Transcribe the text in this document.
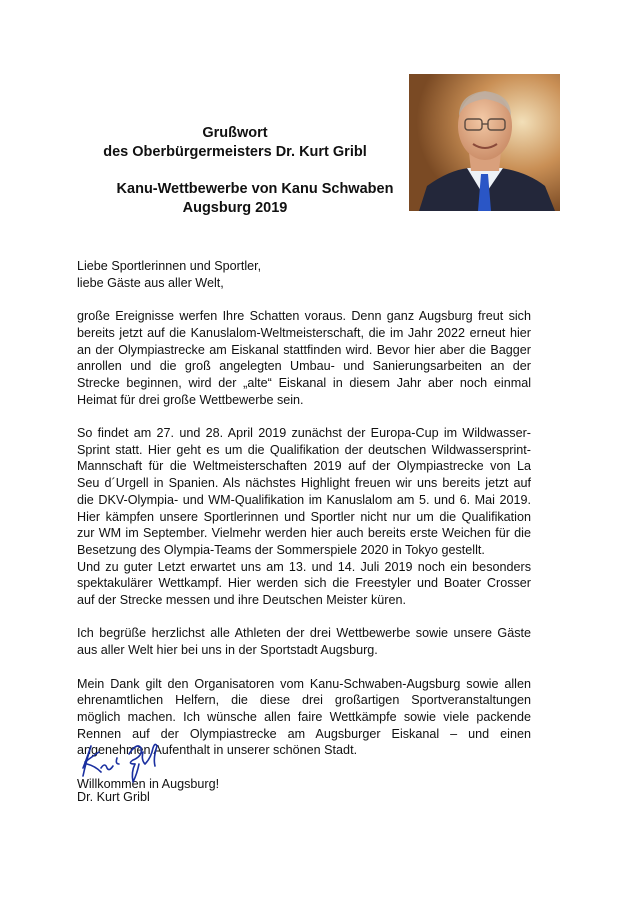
Grußwort
des Oberbürgermeisters Dr. Kurt Gribl
Kanu-Wettbewerbe von Kanu Schwaben
Augsburg 2019
Liebe Sportlerinnen und Sportler,
liebe Gäste aus aller Welt,
große Ereignisse werfen Ihre Schatten voraus. Denn ganz Augsburg freut sich
bereits jetzt auf die Kanuslalom-Weltmeisterschaft, die im Jahr 2022 erneut hier
an der Olympiastrecke am Eiskanal stattfinden wird. Bevor hier aber die Bagger
anrollen und die groß angelegten Umbau- und Sanierungsarbeiten an der
Strecke beginnen, wird der „alte“ Eiskanal in diesem Jahr aber noch einmal
Heimat für drei große Wettbewerbe sein.
So findet am 27. und 28. April 2019 zunächst der Europa-Cup im Wildwasser-
Sprint statt. Hier geht es um die Qualifikation der deutschen Wildwassersprint-
Mannschaft für die Weltmeisterschaften 2019 auf der Olympiastrecke von La
Seu d´Urgell in Spanien. Als nächstes Highlight freuen wir uns bereits jetzt auf
die DKV-Olympia- und WM-Qualifikation im Kanuslalom am 5. und 6. Mai 2019.
Hier kämpfen unsere Sportlerinnen und Sportler nicht nur um die Qualifikation
zur WM im September. Vielmehr werden hier auch bereits erste Weichen für die
Besetzung des Olympia-Teams der Sommerspiele 2020 in Tokyo gestellt.
Und zu guter Letzt erwartet uns am 13. und 14. Juli 2019 noch ein besonders
spektakulärer Wettkampf. Hier werden sich die Freestyler und Boater Crosser
auf der Strecke messen und ihre Deutschen Meister küren.
Ich begrüße herzlichst alle Athleten der drei Wettbewerbe sowie unsere Gäste
aus aller Welt hier bei uns in der Sportstadt Augsburg.
Mein Dank gilt den Organisatoren vom Kanu-Schwaben-Augsburg sowie allen
ehrenamtlichen Helfern, die diese drei großartigen Sportveranstaltungen
möglich machen. Ich wünsche allen faire Wettkämpfe sowie viele packende
Rennen auf der Olympiastrecke am Augsburger Eiskanal – und einen
angenehmen Aufenthalt in unserer schönen Stadt.
Willkommen in Augsburg!
Dr. Kurt Gribl
